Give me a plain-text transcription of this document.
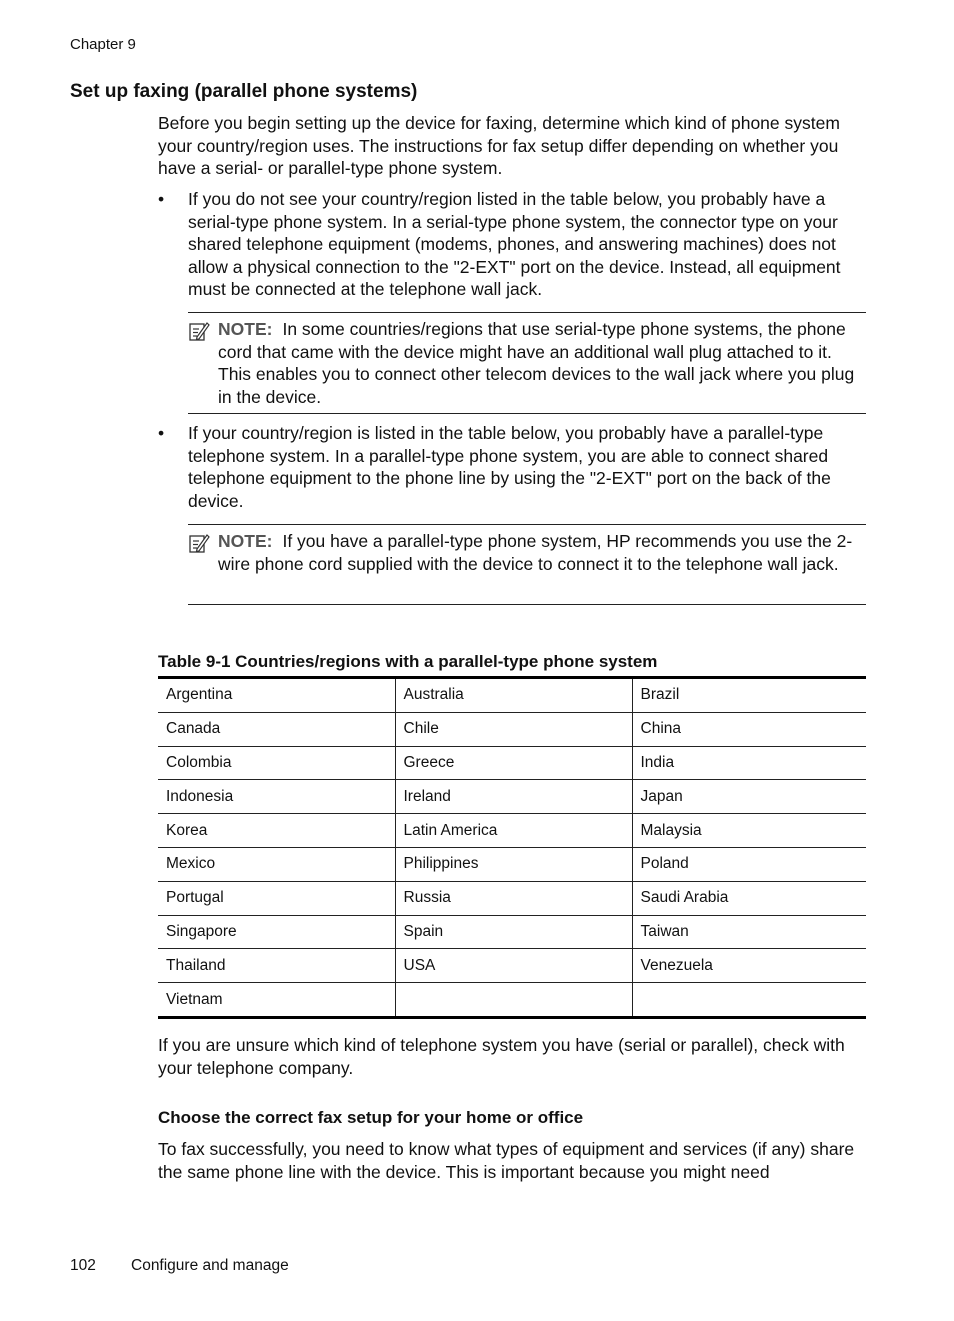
Chapter 9
Set up faxing (parallel phone systems)

Before you begin setting up the device for faxing, determine which kind of phone system your country/region uses. The instructions for fax setup differ depending on whether you have a serial- or parallel-type phone system.

•	If you do not see your country/region listed in the table below, you probably have a serial-type phone system. In a serial-type phone system, the connector type on your shared telephone equipment (modems, phones, and answering machines) does not allow a physical connection to the "2-EXT" port on the device. Instead, all equipment must be connected at the telephone wall jack.
NOTE: In some countries/regions that use serial-type phone systems, the phone cord that came with the device might have an additional wall plug attached to it. This enables you to connect other telecom devices to the wall jack where you plug in the device.
•	If your country/region is listed in the table below, you probably have a parallel-type telephone system. In a parallel-type phone system, you are able to connect shared telephone equipment to the phone line by using the "2-EXT" port on the back of the device.
NOTE: If you have a parallel-type phone system, HP recommends you use the 2-wire phone cord supplied with the device to connect it to the telephone wall jack.
Table 9-1 Countries/regions with a parallel-type phone system
Argentina	Australia	Brazil
Canada	Chile	China
Colombia	Greece	India
Indonesia	Ireland	Japan
Korea	Latin America	Malaysia
Mexico	Philippines	Poland
Portugal	Russia	Saudi Arabia
Singapore	Spain	Taiwan
Thailand	USA	Venezuela
Vietnam		

If you are unsure which kind of telephone system you have (serial or parallel), check with your telephone company.

Choose the correct fax setup for your home or office

To fax successfully, you need to know what types of equipment and services (if any) share the same phone line with the device. This is important because you might need

102 Configure and manage
